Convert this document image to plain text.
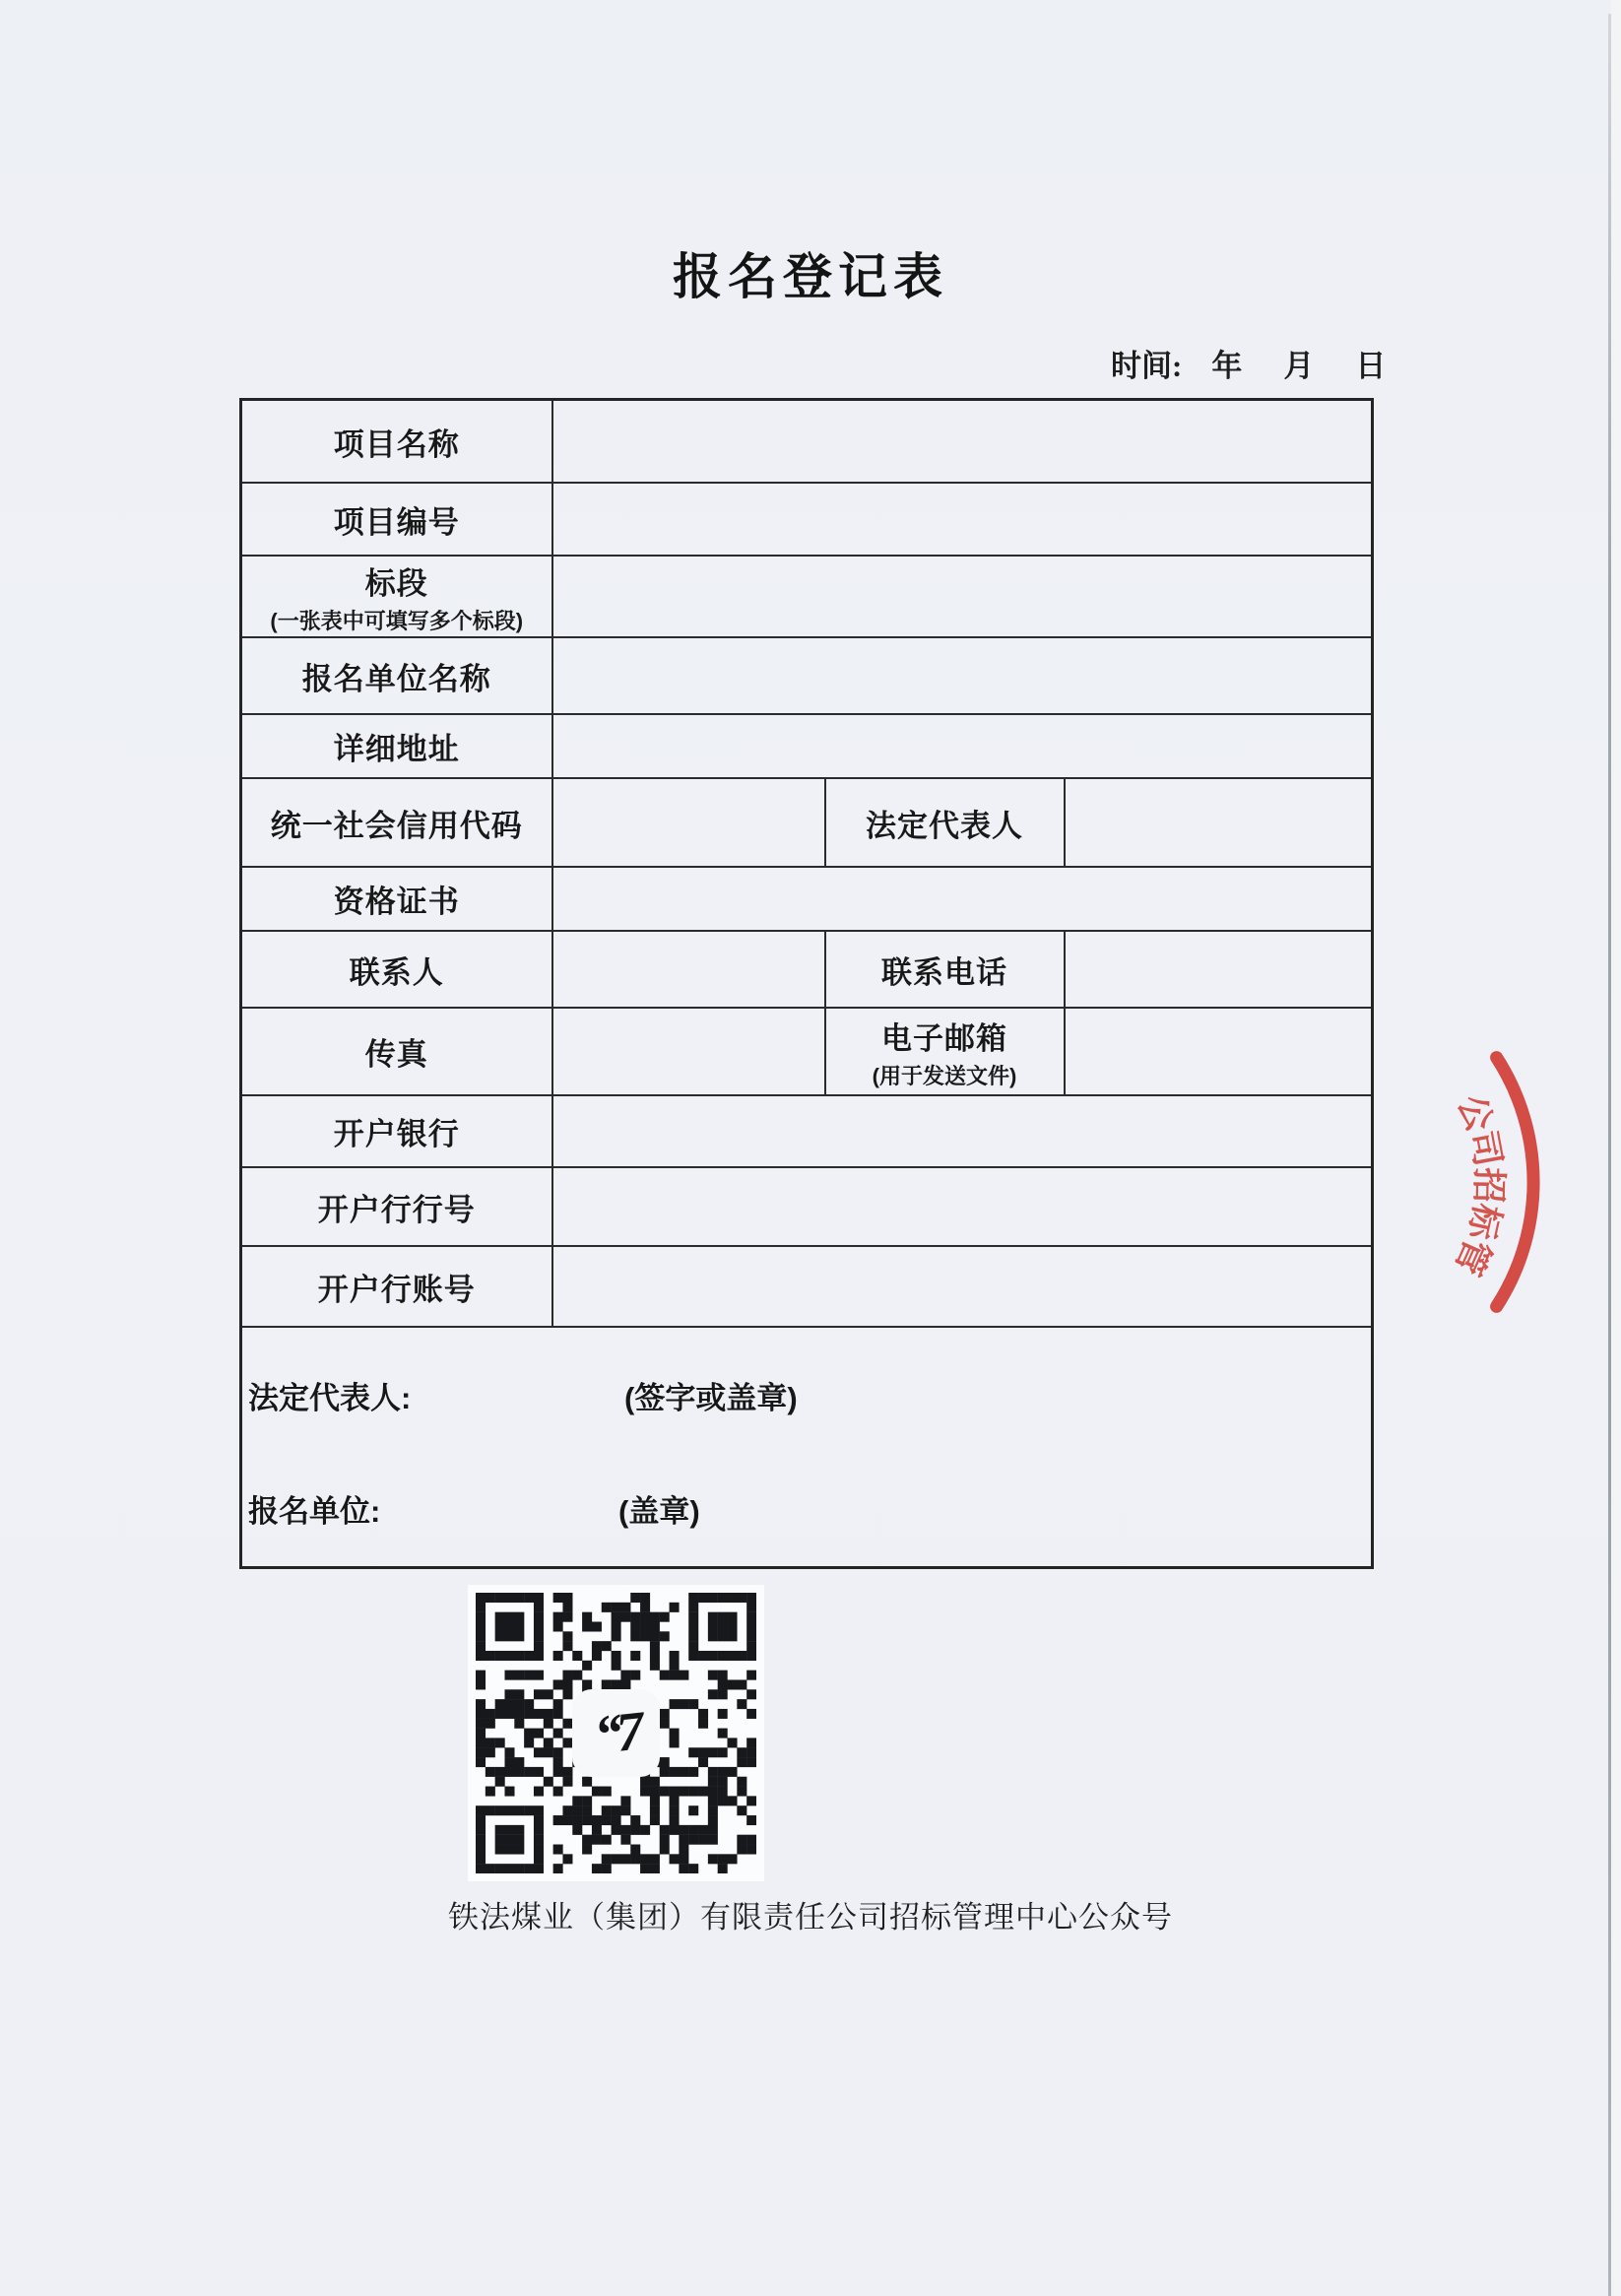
报名登记表
时间: 年 月 日
项目名称			
项目编号			

标段
(一张表中可填写多个标段)			

报名单位名称			
详细地址			
统一社会信用代码		法定代表人	
资格证书			
联系人		联系电话	
传真		电子邮箱
(用于发送文件)	

开户银行			
开户行行号			
开户行账号			

法定代表人: (签字或盖章)
报名单位: (盖章)			
“7
铁法煤业（集团）有限责任公司招标管理中心公众号
公
司
招
标
管
